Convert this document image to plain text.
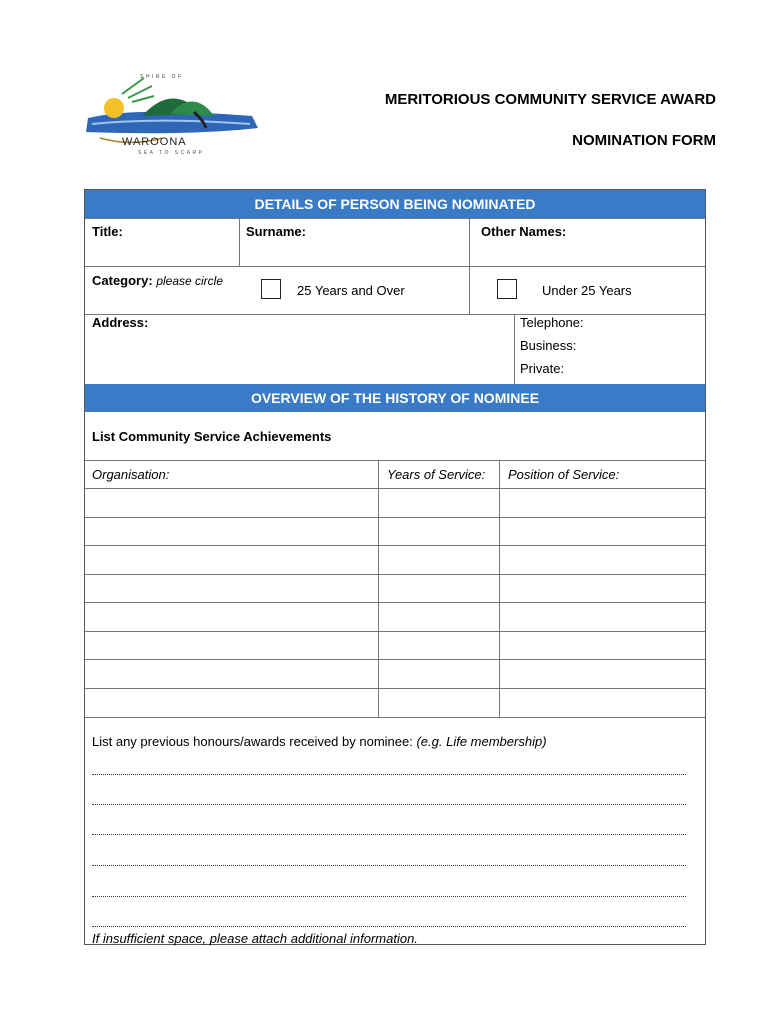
SHIRE OF
WAROONA
SEA TO SCARP
MERITORIOUS COMMUNITY SERVICE AWARD
NOMINATION FORM
DETAILS OF PERSON BEING NOMINATED
Title:	Surname:	Other Names:
Category: please circle
25 Years and Over	Under 25 Years
Address:	Telephone:
Business:
Private:
OVERVIEW OF THE HISTORY OF NOMINEE
List Community Service Achievements
Organisation:	Years of Service: Position of Service:
List any previous honours/awards received by nominee: (e.g. Life membership)
If insufficient space, please attach additional information.
